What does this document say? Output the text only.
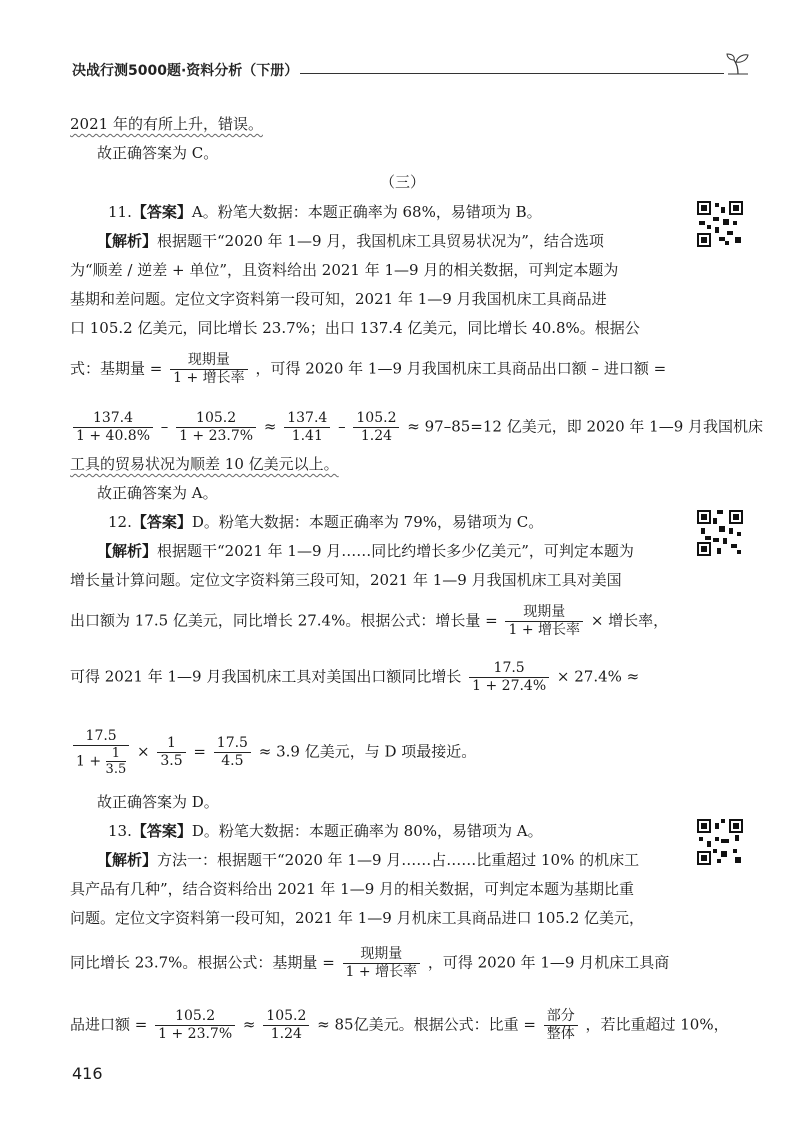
决战行测5000题·资料分析（下册）
2021 年的有所上升，错误。
故正确答案为 C。
（三）
11.【答案】A。粉笔大数据：本题正确率为 68%，易错项为 B。
【解析】根据题干“2020 年 1—9 月，我国机床工具贸易状况为”，结合选项
为“顺差 / 逆差 + 单位”，且资料给出 2021 年 1—9 月的相关数据，可判定本题为
基期和差问题。定位文字资料第一段可知，2021 年 1—9 月我国机床工具商品进
口 105.2 亿美元，同比增长 23.7%；出口 137.4 亿美元，同比增长 40.8%。根据公
式：基期量 = $\frac{\text{现期量}}{\text{1 + 增长率}}$ ，可得 2020 年 1—9 月我国机床工具商品出口额 – 进口额 =
$\frac{137.4}{1 + 40.8\%} - \frac{105.2}{1 + 23.7\%} \approx \frac{137.4}{1.41} - \frac{105.2}{1.24} \approx 97-85=12$ 亿美元，即 2020 年 1—9 月我国机床
工具的贸易状况为顺差 10 亿美元以上。
故正确答案为 A。
12.【答案】D。粉笔大数据：本题正确率为 79%，易错项为 C。
【解析】根据题干“2021 年 1—9 月……同比约增长多少亿美元”，可判定本题为
增长量计算问题。定位文字资料第三段可知，2021 年 1—9 月我国机床工具对美国
出口额为 17.5 亿美元，同比增长 27.4%。根据公式：增长量 = $\frac{\text{现期量}}{\text{1 + 增长率}}$ × 增长率，
可得 2021 年 1—9 月我国机床工具对美国出口额同比增长 $\frac{17.5}{1 + 27.4\%} \times 27.4\%$ ≈
$\frac{17.5}{1 + \frac{1}{3.5}} \times \frac{1}{3.5} = \frac{17.5}{4.5} \approx 3.9$ 亿美元，与 D 项最接近。
故正确答案为 D。
13.【答案】D。粉笔大数据：本题正确率为 80%，易错项为 A。
【解析】方法一：根据题干“2020 年 1—9 月……占……比重超过 10% 的机床工
具产品有几种”，结合资料给出 2021 年 1—9 月的相关数据，可判定本题为基期比重
问题。定位文字资料第一段可知，2021 年 1—9 月机床工具商品进口 105.2 亿美元，
同比增长 23.7%。根据公式：基期量 = $\frac{\text{现期量}}{\text{1 + 增长率}}$ ，可得 2020 年 1—9 月机床工具商
品进口额 = $\frac{105.2}{1 + 23.7\%} \approx \frac{105.2}{1.24} \approx 85$亿美元。根据公式：比重 = $\frac{\text{部分}}{\text{整体}}$ ，若比重超过 10%，
416
